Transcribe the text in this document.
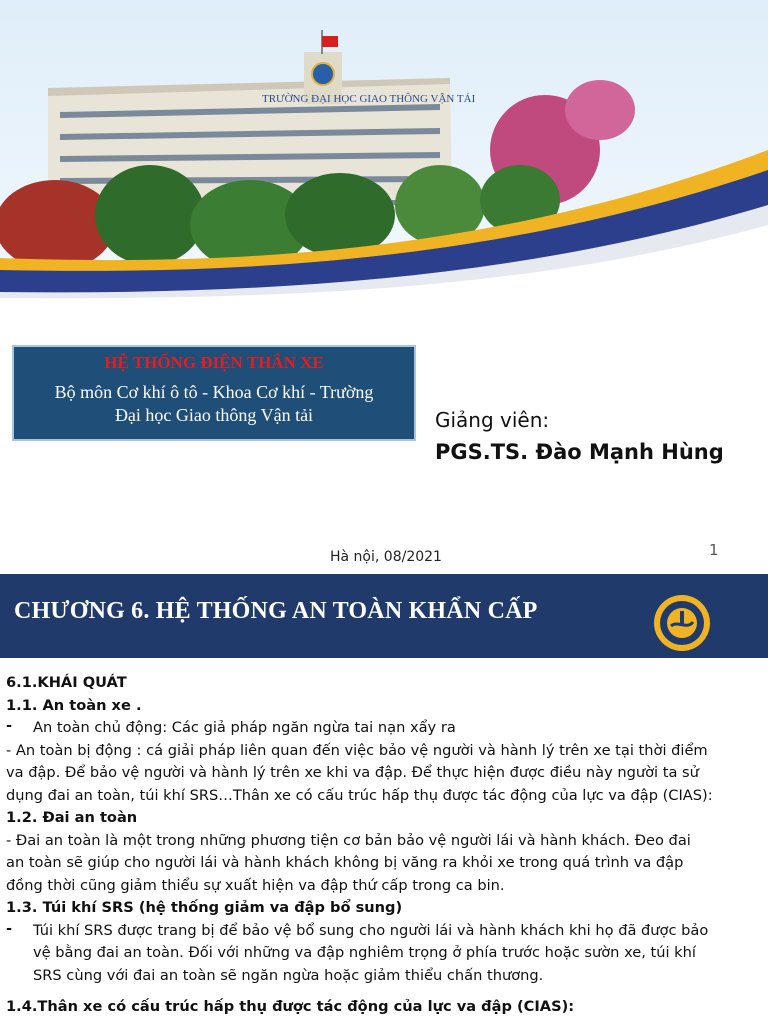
TRƯỜNG ĐẠI HỌC GIAO THÔNG VẬN TẢI
HỆ THỐNG ĐIỆN THÂN XE
Bộ môn Cơ khí ô tô - Khoa Cơ khí - Trường
Đại học Giao thông Vận tải	Giảng viên:
PGS.TS. Đào Mạnh Hùng
Hà nội, 08/2021	1
CHƯƠNG 6. HỆ THỐNG AN TOÀN KHẨN CẤP
6.1.KHÁI QUÁT
1.1. An toàn xe .
- An toàn chủ động: Các giả pháp ngăn ngừa tai nạn xẩy ra
- An toàn bị động : cá giải pháp liên quan đến việc bảo vệ người và hành lý trên xe tại thời điểm
va đập. Để bảo vệ người và hành lý trên xe khi va đập. Để thực hiện được điều này người ta sử
dụng đai an toàn, túi khí SRS…Thân xe có cấu trúc hấp thụ được tác động của lực va đập (CIAS):
1.2. Đai an toàn
- Đai an toàn là một trong những phương tiện cơ bản bảo vệ người lái và hành khách. Đeo đai
an toàn sẽ giúp cho người lái và hành khách không bị văng ra khỏi xe trong quá trình va đập
đồng thời cũng giảm thiểu sự xuất hiện va đập thứ cấp trong ca bin.
1.3. Túi khí SRS (hệ thống giảm va đập bổ sung)
- Túi khí SRS được trang bị để bảo vệ bổ sung cho người lái và hành khách khi họ đã được bảo
vệ bằng đai an toàn. Đối với những va đập nghiêm trọng ở phía trước hoặc sườn xe, túi khí
SRS cùng với đai an toàn sẽ ngăn ngừa hoặc giảm thiểu chấn thương.
1.4.Thân xe có cấu trúc hấp thụ được tác động của lực va đập (CIAS):
